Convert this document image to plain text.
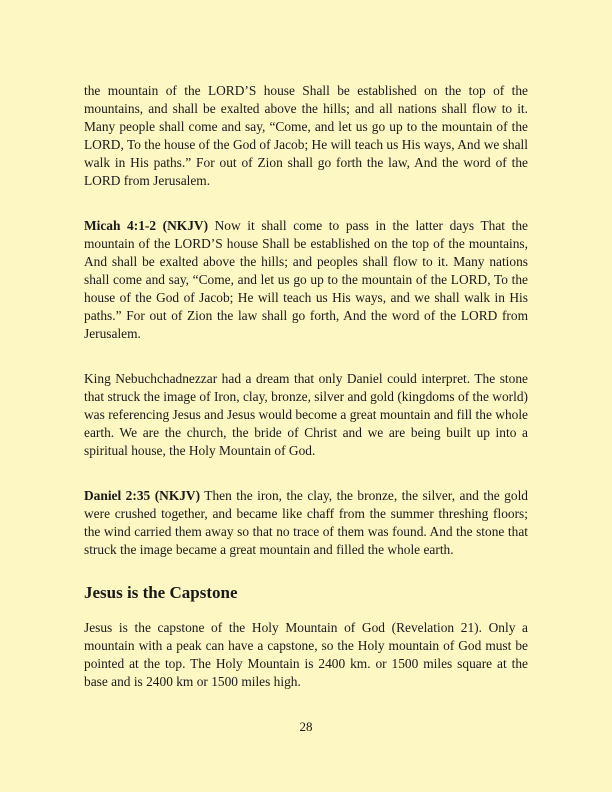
the mountain of the LORD’S house Shall be established on the top of the mountains, and shall be exalted above the hills; and all nations shall flow to it. Many people shall come and say, “Come, and let us go up to the mountain of the LORD, To the house of the God of Jacob; He will teach us His ways, And we shall walk in His paths.” For out of Zion shall go forth the law, And the word of the LORD from Jerusalem.

Micah 4:1-2 (NKJV) Now it shall come to pass in the latter days That the mountain of the LORD’S house Shall be established on the top of the mountains, And shall be exalted above the hills; and peoples shall flow to it. Many nations shall come and say, “Come, and let us go up to the mountain of the LORD, To the house of the God of Jacob; He will teach us His ways, and we shall walk in His paths.” For out of Zion the law shall go forth, And the word of the LORD from Jerusalem.

King Nebuchchadnezzar had a dream that only Daniel could interpret. The stone that struck the image of Iron, clay, bronze, silver and gold (kingdoms of the world) was referencing Jesus and Jesus would become a great mountain and fill the whole earth. We are the church, the bride of Christ and we are being built up into a spiritual house, the Holy Mountain of God.

Daniel 2:35 (NKJV) Then the iron, the clay, the bronze, the silver, and the gold were crushed together, and became like chaff from the summer threshing floors; the wind carried them away so that no trace of them was found. And the stone that struck the image became a great mountain and filled the whole earth.

Jesus is the Capstone

Jesus is the capstone of the Holy Mountain of God (Revelation 21). Only a mountain with a peak can have a capstone, so the Holy mountain of God must be pointed at the top. The Holy Mountain is 2400 km. or 1500 miles square at the base and is 2400 km or 1500 miles high.

28
